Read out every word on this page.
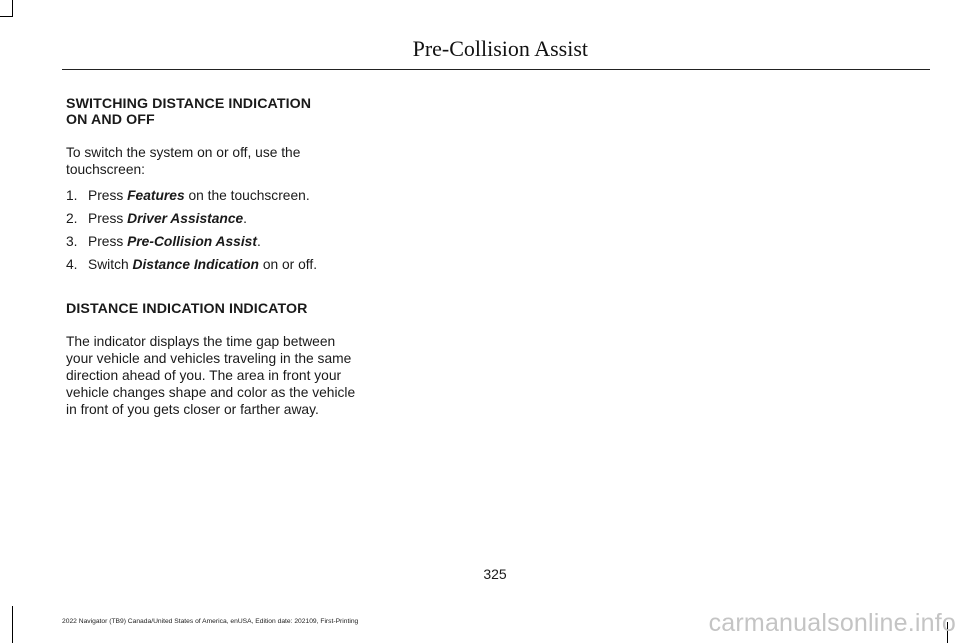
Pre-Collision Assist
SWITCHING DISTANCE INDICATION
ON AND OFF

To switch the system on or off, use the touchscreen:

1. Press Features on the touchscreen.
2. Press Driver Assistance.
3. Press Pre-Collision Assist.
4. Switch Distance Indication on or off.
DISTANCE INDICATION INDICATOR

The indicator displays the time gap between your vehicle and vehicles traveling in the same direction ahead of you. The area in front your vehicle changes shape and color as the vehicle in front of you gets closer or farther away.

325
2022 Navigator (TB9) Canada/United States of America, enUSA, Edition date: 202109, First-Printing	carmanualsonline.info
